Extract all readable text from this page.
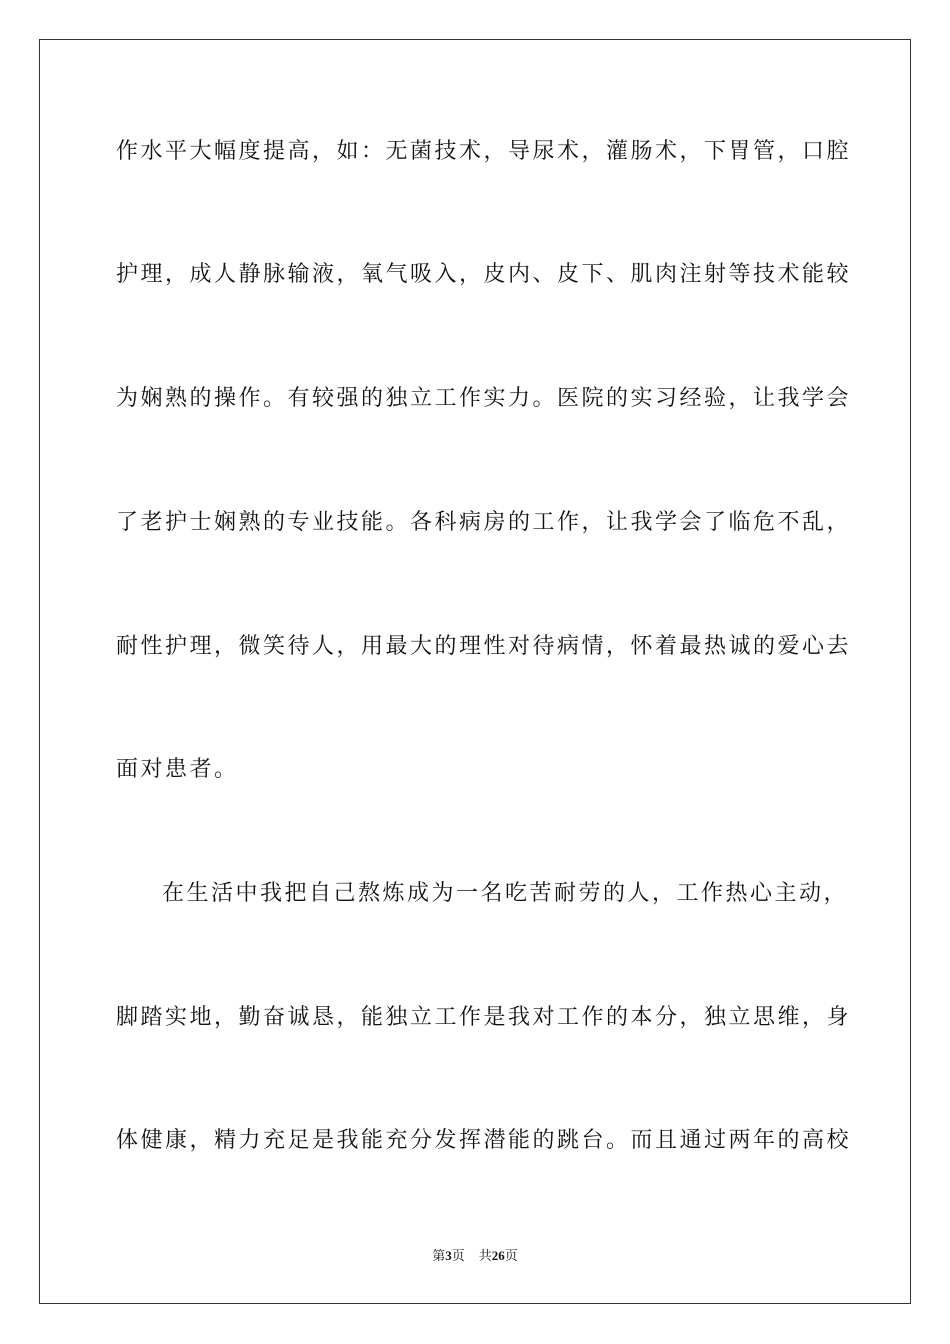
作水平大幅度提高，如：无菌技术，导尿术，灌肠术，下胃管，口腔
护理，成人静脉输液，氧气吸入，皮内、皮下、肌肉注射等技术能较
为娴熟的操作。有较强的独立工作实力。医院的实习经验，让我学会
了老护士娴熟的专业技能。各科病房的工作，让我学会了临危不乱，
耐性护理，微笑待人，用最大的理性对待病情，怀着最热诚的爱心去
面对患者。
在生活中我把自己熬炼成为一名吃苦耐劳的人，工作热心主动，
脚踏实地，勤奋诚恳，能独立工作是我对工作的本分，独立思维，身
体健康，精力充足是我能充分发挥潜能的跳台。而且通过两年的高校
第3页 共26页
